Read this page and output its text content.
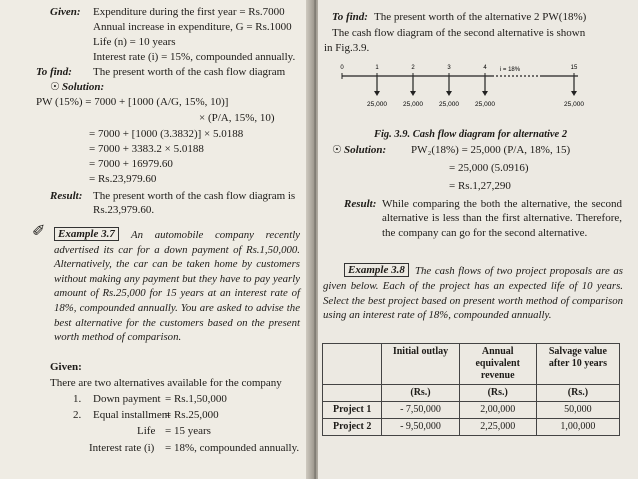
Given: Expenditure during the first year = Rs.7000
Annual increase in expenditure, G = Rs.1000
Life (n) = 10 years
Interest rate (i) = 15%, compounded annually.
To find: The present worth of the cash flow diagram
☉ Solution:
PW (15%) = 7000 + [1000 (A/G, 15%, 10)]
× (P/A, 15%, 10)
= 7000 + [1000 (3.3832)] × 5.0188
= 7000 + 3383.2 × 5.0188
= 7000 + 16979.60
= Rs.23,979.60
Result: The present worth of the cash flow diagram is
Rs.23,979.60.
✐	Example 3.7	An automobile company recently advertised its car for a down payment of Rs.1,50,000. Alternatively, the car can be taken home by customers without making any payment but they have to pay yearly amount of Rs.25,000 for 15 years at an interest rate of 18%, compounded annually. You are asked to advise the best alternative for the customers based on the present worth method of comparison.
Given:
There are two alternatives available for the company
1. Down payment = Rs.1,50,000
2. Equal installment
= Rs.25,000
Life = 15 years
Interest rate (i) = 18%, compounded annually.
To find: The present worth of the alternative 2 PW(18%)
The cash flow diagram of the second alternative is shown
in Fig.3.9.
0	1	2	3	4	15
25,000 25,000 25,000 25,000	25,000
i = 18%
Fig. 3.9. Cash flow diagram for alternative 2
☉ Solution: PW₂(18%) = 25,000 (P/A, 18%, 15)
= 25,000 (5.0916)
= Rs.1,27,290
Result: While comparing the both the alternative, the second alternative is less than the first alternative. Therefore, the company can go for the second alternative.
Example 3.8 The cash flows of two project proposals are as given below. Each of the project has an expected life of 10 years. Select the best project based on present worth method of comparison using an interest rate of 18%, compounded annually.
	Initial outlay	Annual equivalent revenue	Salvage value after 10 years
	(Rs.)	(Rs.)	(Rs.)
Project 1	- 7,50,000	2,00,000	50,000
Project 2	- 9,50,000	2,25,000	1,00,000
